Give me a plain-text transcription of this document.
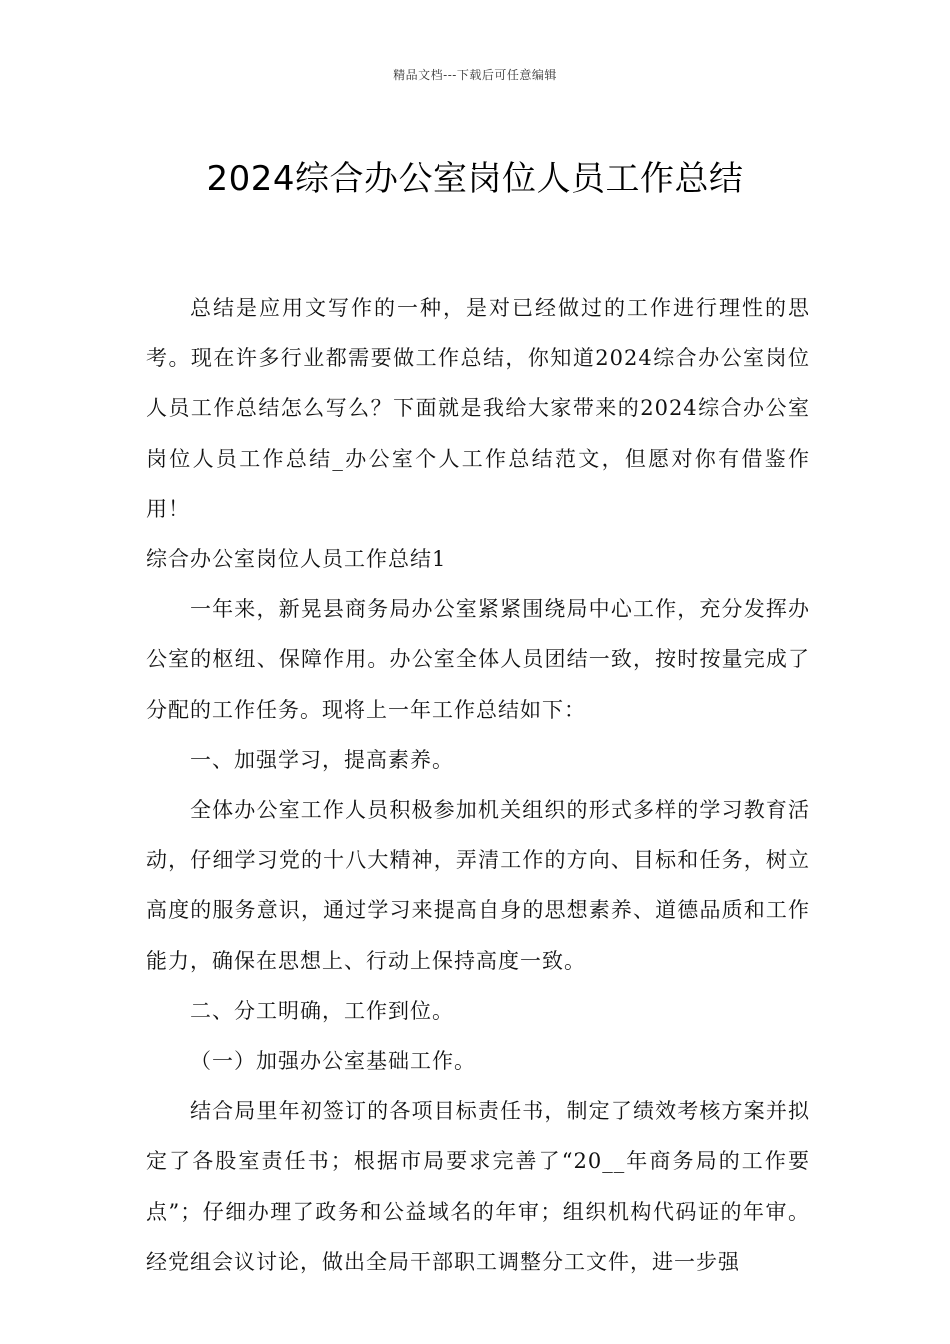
精品文档---下载后可任意编辑
2024综合办公室岗位人员工作总结

总结是应用文写作的一种，是对已经做过的工作进行理性的思考。现在许多行业都需要做工作总结，你知道2024综合办公室岗位人员工作总结怎么写么？下面就是我给大家带来的2024综合办公室岗位人员工作总结_办公室个人工作总结范文，但愿对你有借鉴作用！

综合办公室岗位人员工作总结1

一年来，新晃县商务局办公室紧紧围绕局中心工作，充分发挥办公室的枢纽、保障作用。办公室全体人员团结一致，按时按量完成了分配的工作任务。现将上一年工作总结如下：

一、加强学习，提高素养。

全体办公室工作人员积极参加机关组织的形式多样的学习教育活动，仔细学习党的十八大精神，弄清工作的方向、目标和任务，树立高度的服务意识，通过学习来提高自身的思想素养、道德品质和工作能力，确保在思想上、行动上保持高度一致。

二、分工明确，工作到位。

（一）加强办公室基础工作。

结合局里年初签订的各项目标责任书，制定了绩效考核方案并拟定了各股室责任书；根据市局要求完善了“20__年商务局的工作要点”；仔细办理了政务和公益域名的年审；组织机构代码证的年审。经党组会议讨论，做出全局干部职工调整分工文件，进一步强
